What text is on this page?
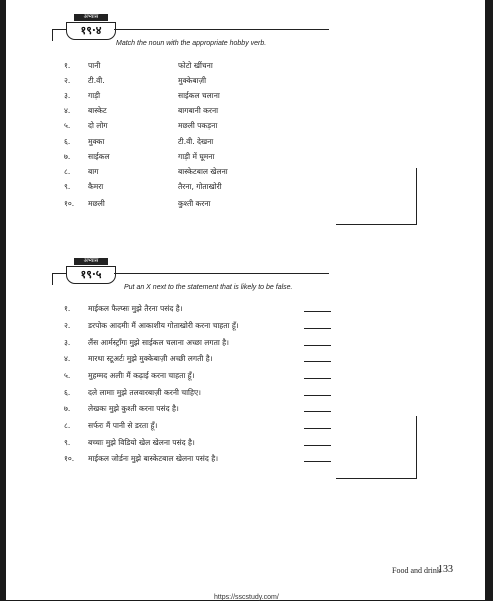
अभ्यास
१९·४
Match the noun with the appropriate hobby verb.
१.	पानी	फोटो खींचना
२.	टी.वी.	मुक्केबाज़ी
३.	गाड़ी	साईकल चलाना
४.	बास्केट	बागबानी करना
५.	दो लोग	मछली पकड़ना
६.	मुक्का	टी.वी. देखना
७.	साईकल	गाड़ी में घूमना
८.	बाग	बास्केटबाल खेलना
९.	कैमरा	तैरना, गोताखोरी
१०.	मछली	कुश्ती करना
अभ्यास
१९·५
Put an X next to the statement that is likely to be false.
१.	माईकल फैल्प्सः मुझे तैरना पसंद है।
२.	डरपोक आदमीः मैं आकाशीय गोताखोरी करना चाहता हूँ।
३.	लैंस आर्मस्ट्रॉंगः मुझे साईकल चलाना अच्छा लगता है।
४.	मारथा स्टूअर्टः मुझे मुक्केबाज़ी अच्छी लगती है।
५.	मुहम्मद अलीः मैं कढ़ाई करना चाहता हूँ।
६.	दले लामाः मुझे तलवारबाज़ी करनी चाहिए।
७.	लेखकः मुझे कुश्ती करना पसंद है।
८.	सर्फरः मैं पानी से डरता हूँ।
९.	बच्चाः मुझे विडियो खेल खेलना पसंद है।
१०.	माईकल जोर्डनः मुझे बास्केटबाल खेलना पसंद है।
Food and drink
133
https://sscstudy.com/
